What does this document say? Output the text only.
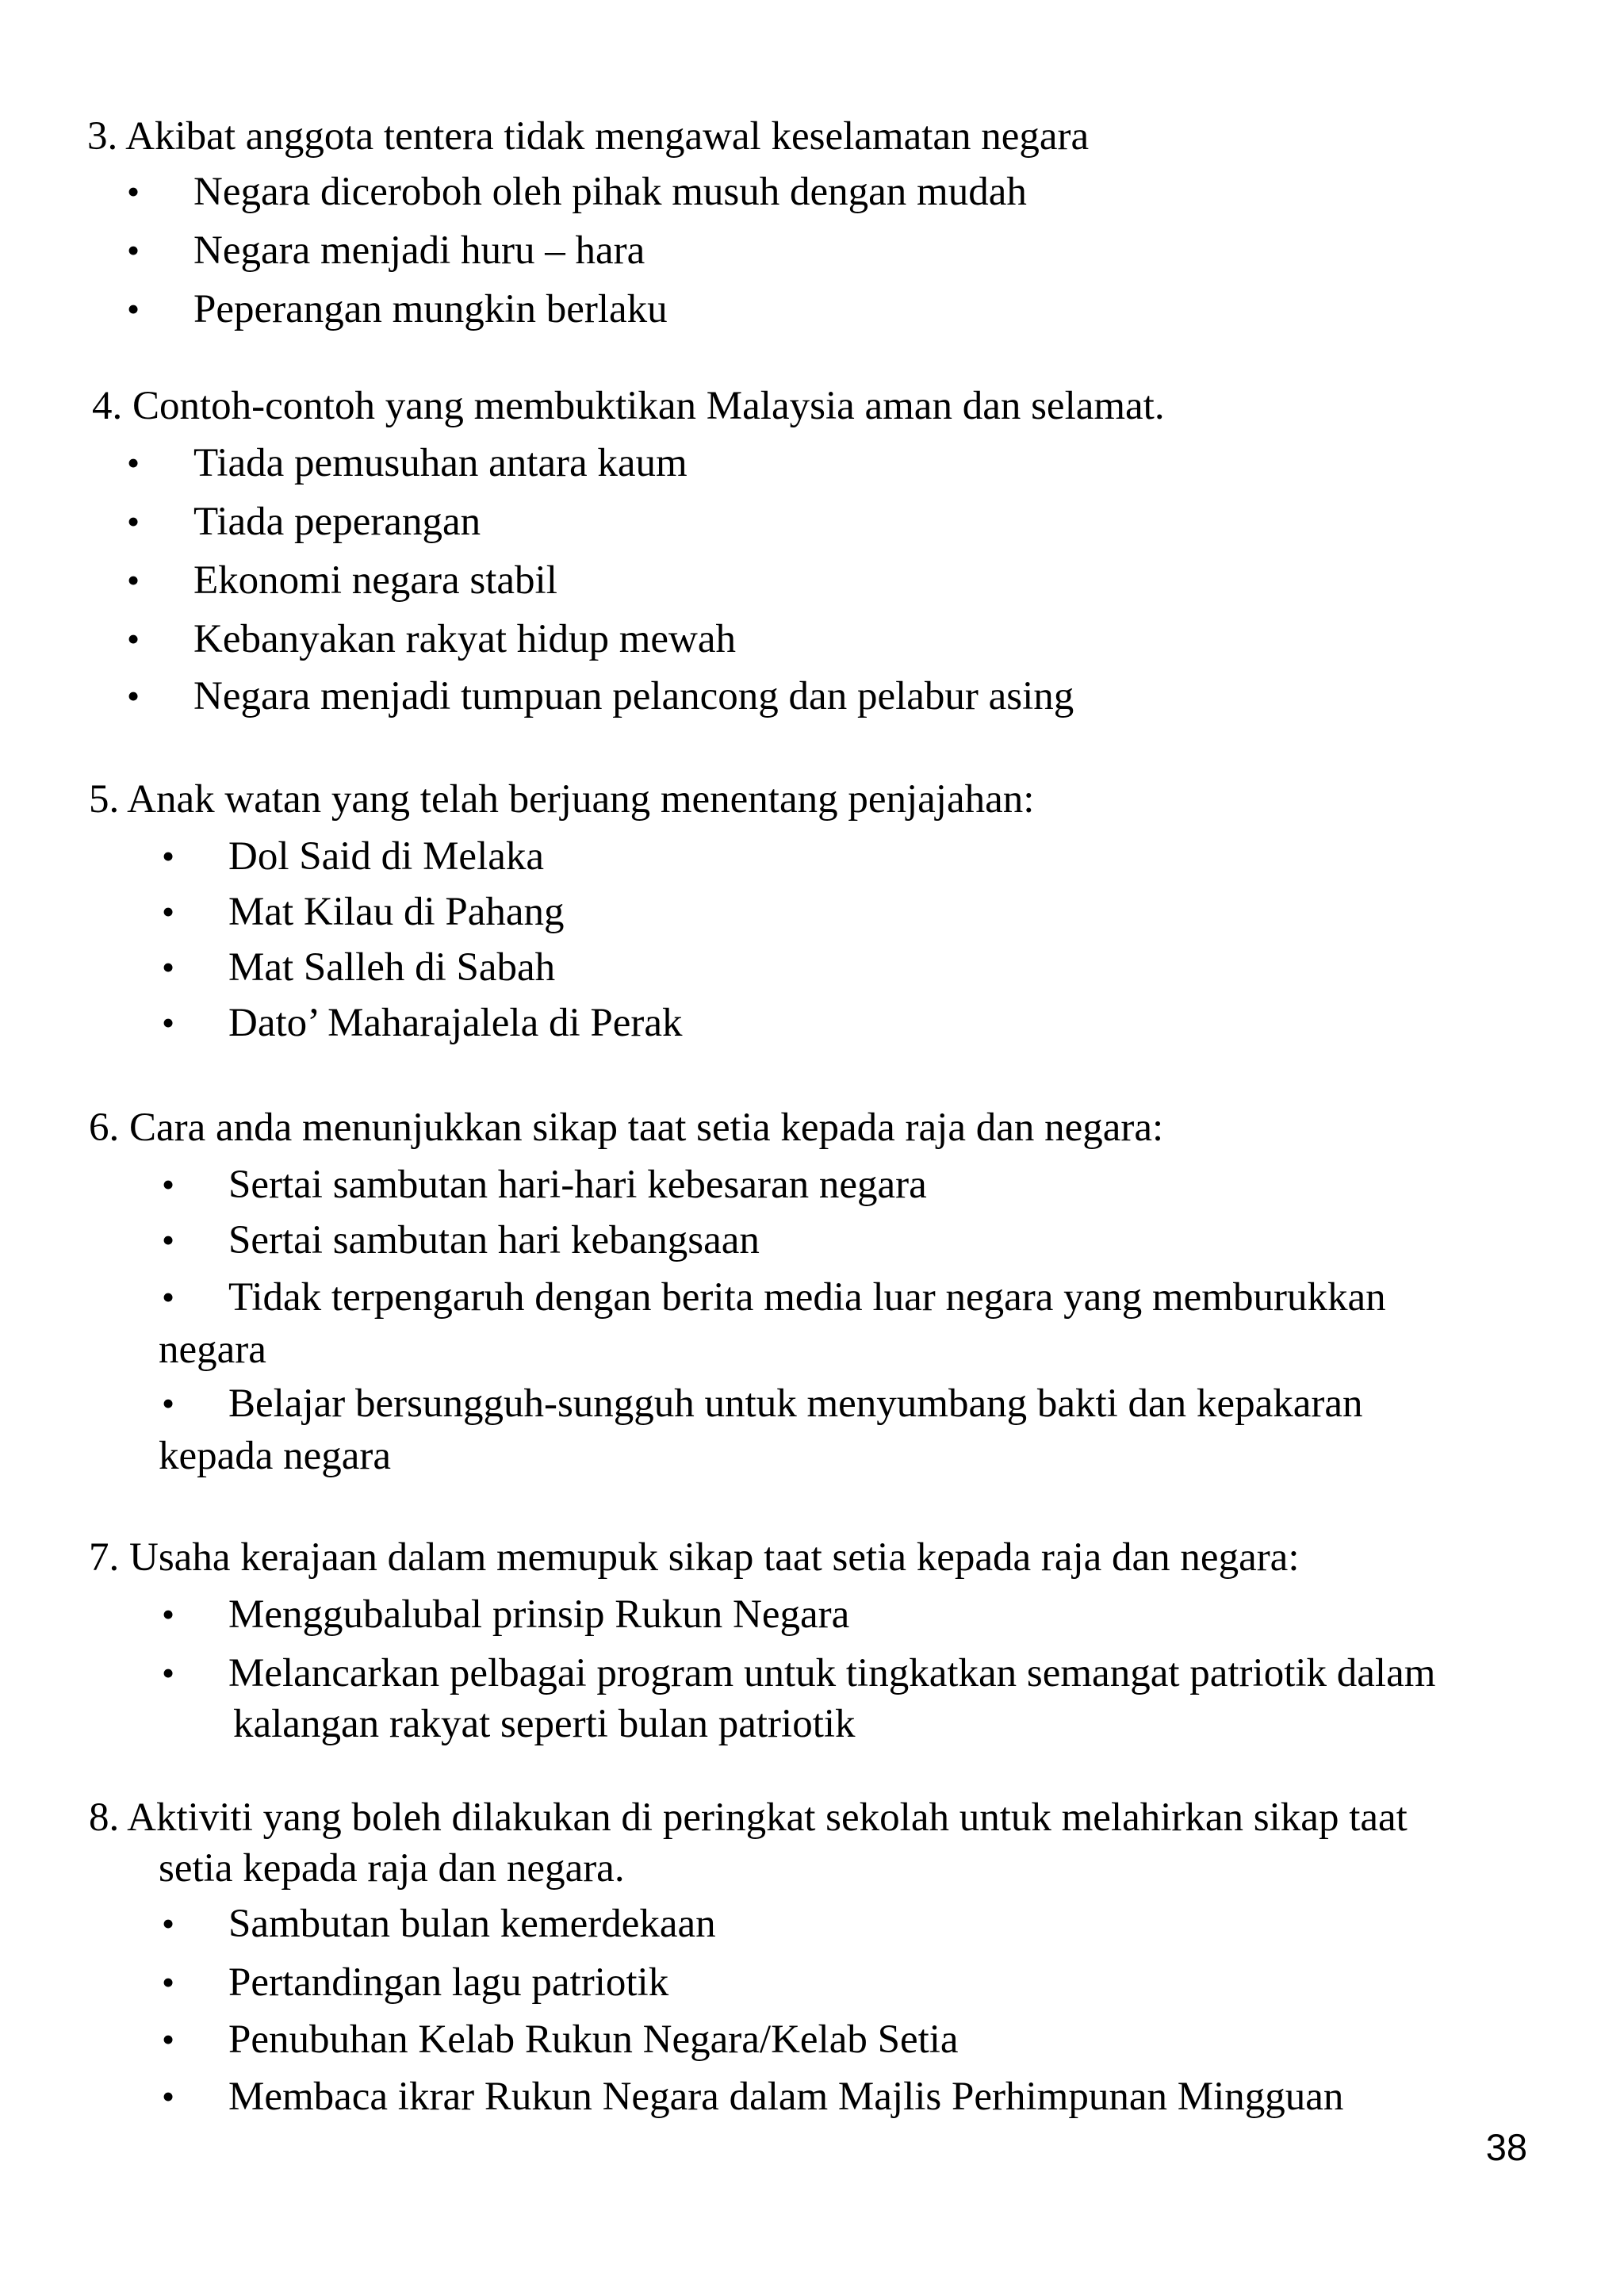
3. Akibat anggota tentera tidak mengawal keselamatan negara
• Negara diceroboh oleh pihak musuh dengan mudah
• Negara menjadi huru – hara
• Peperangan mungkin berlaku
4. Contoh-contoh yang membuktikan Malaysia aman dan selamat.
• Tiada pemusuhan antara kaum
• Tiada peperangan
• Ekonomi negara stabil
• Kebanyakan rakyat hidup mewah
• Negara menjadi tumpuan pelancong dan pelabur asing
5. Anak watan yang telah berjuang menentang penjajahan:
• Dol Said di Melaka
• Mat Kilau di Pahang
• Mat Salleh di Sabah
• Dato’ Maharajalela di Perak
6. Cara anda menunjukkan sikap taat setia kepada raja dan negara:
• Sertai sambutan hari-hari kebesaran negara
• Sertai sambutan hari kebangsaan
• Tidak terpengaruh dengan berita media luar negara yang memburukkan
negara
• Belajar bersungguh-sungguh untuk menyumbang bakti dan kepakaran
kepada negara
7. Usaha kerajaan dalam memupuk sikap taat setia kepada raja dan negara:
• Menggubalubal prinsip Rukun Negara
• Melancarkan pelbagai program untuk tingkatkan semangat patriotik dalam
kalangan rakyat seperti bulan patriotik
8. Aktiviti yang boleh dilakukan di peringkat sekolah untuk melahirkan sikap taat
setia kepada raja dan negara.
• Sambutan bulan kemerdekaan
• Pertandingan lagu patriotik
• Penubuhan Kelab Rukun Negara/Kelab Setia
• Membaca ikrar Rukun Negara dalam Majlis Perhimpunan Mingguan
38
